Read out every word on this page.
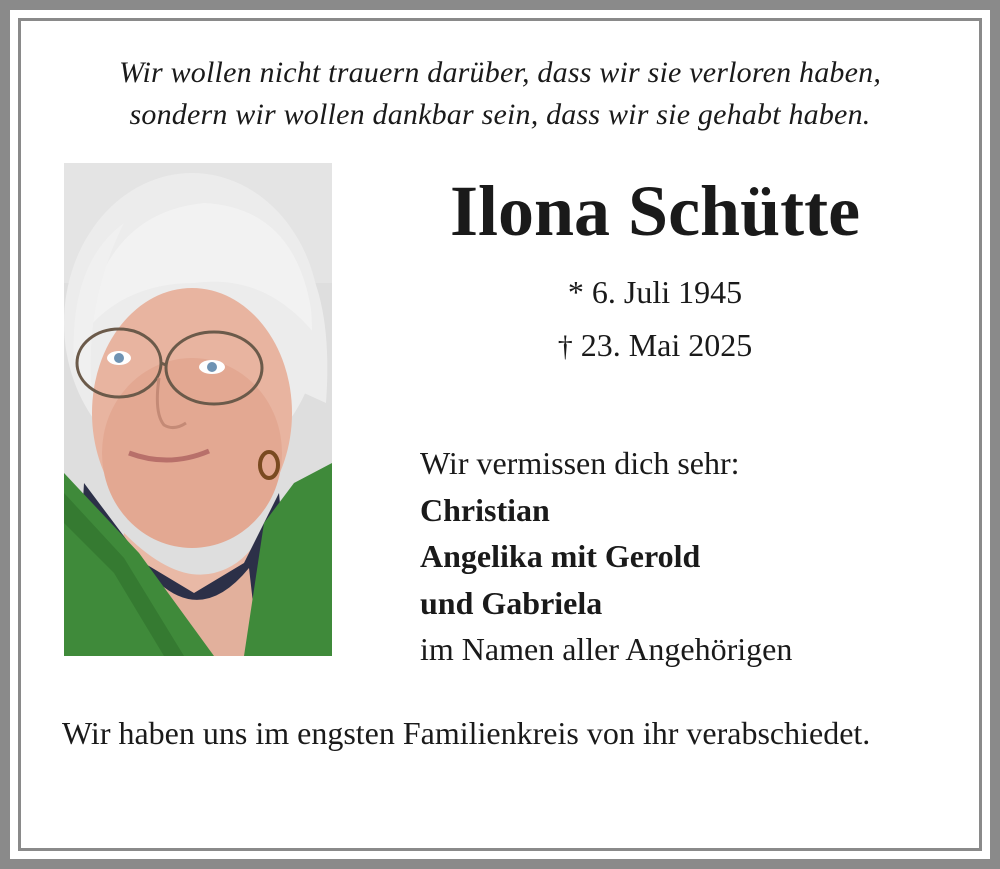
Wir wollen nicht trauern darüber, dass wir sie verloren haben,
sondern wir wollen dankbar sein, dass wir sie gehabt haben.
Ilona Schütte
* 6. Juli 1945
† 23. Mai 2025
Wir vermissen dich sehr:
Christian
Angelika mit Gerold
und Gabriela
im Namen aller Angehörigen
Wir haben uns im engsten Familienkreis von ihr verabschiedet.
